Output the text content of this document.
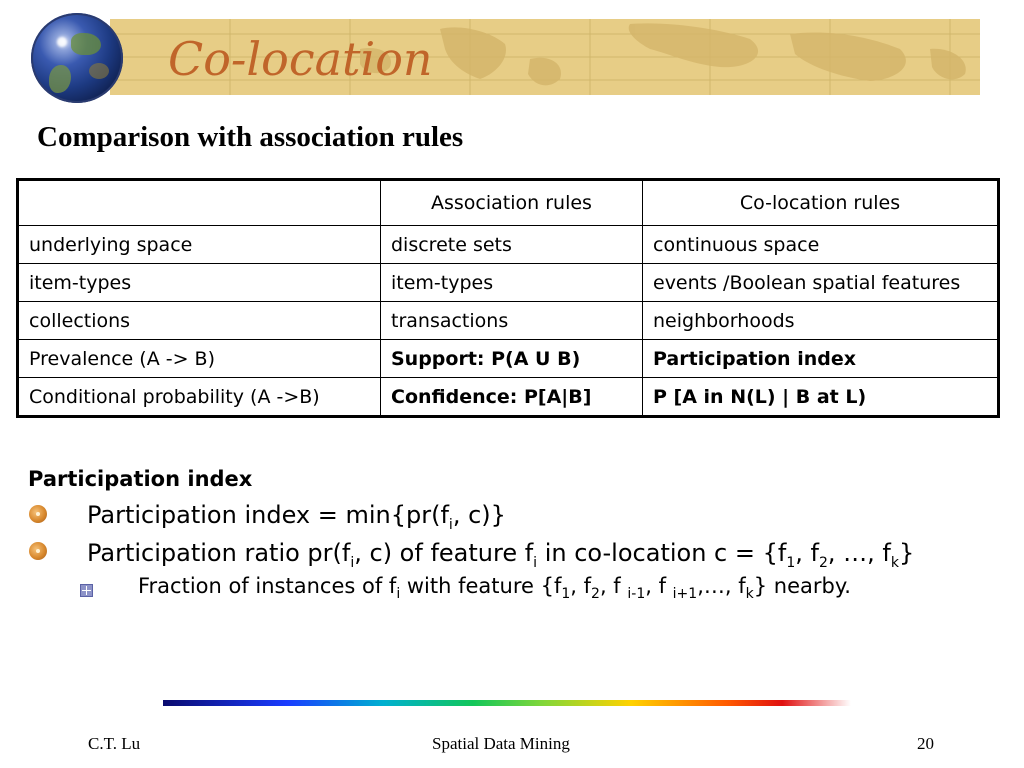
Co-location
Comparison with association rules
	Association rules	Co-location rules
underlying space	discrete sets	continuous space
item-types	item-types	events /Boolean spatial features
collections	transactions	neighborhoods
Prevalence (A -> B)	Support: P(A U B)	Participation index
Conditional probability (A ->B)	Confidence: P[A|B]	P [A in N(L) | B at L)
Participation index
Participation index = $\min\{pr(f_i$, c)}
Participation ratio $pr(f_i$, c) of feature $f_i$ in co-location $c = \{f_1$, $f_2$, …, $f_k$}
Fraction of instances of $f_i$ with feature {$f_1$, $f_2$, f $_{i-1}$, f $_{i+1}$,…, $f_k$} nearby.
C.T. Lu	Spatial Data Mining	20
